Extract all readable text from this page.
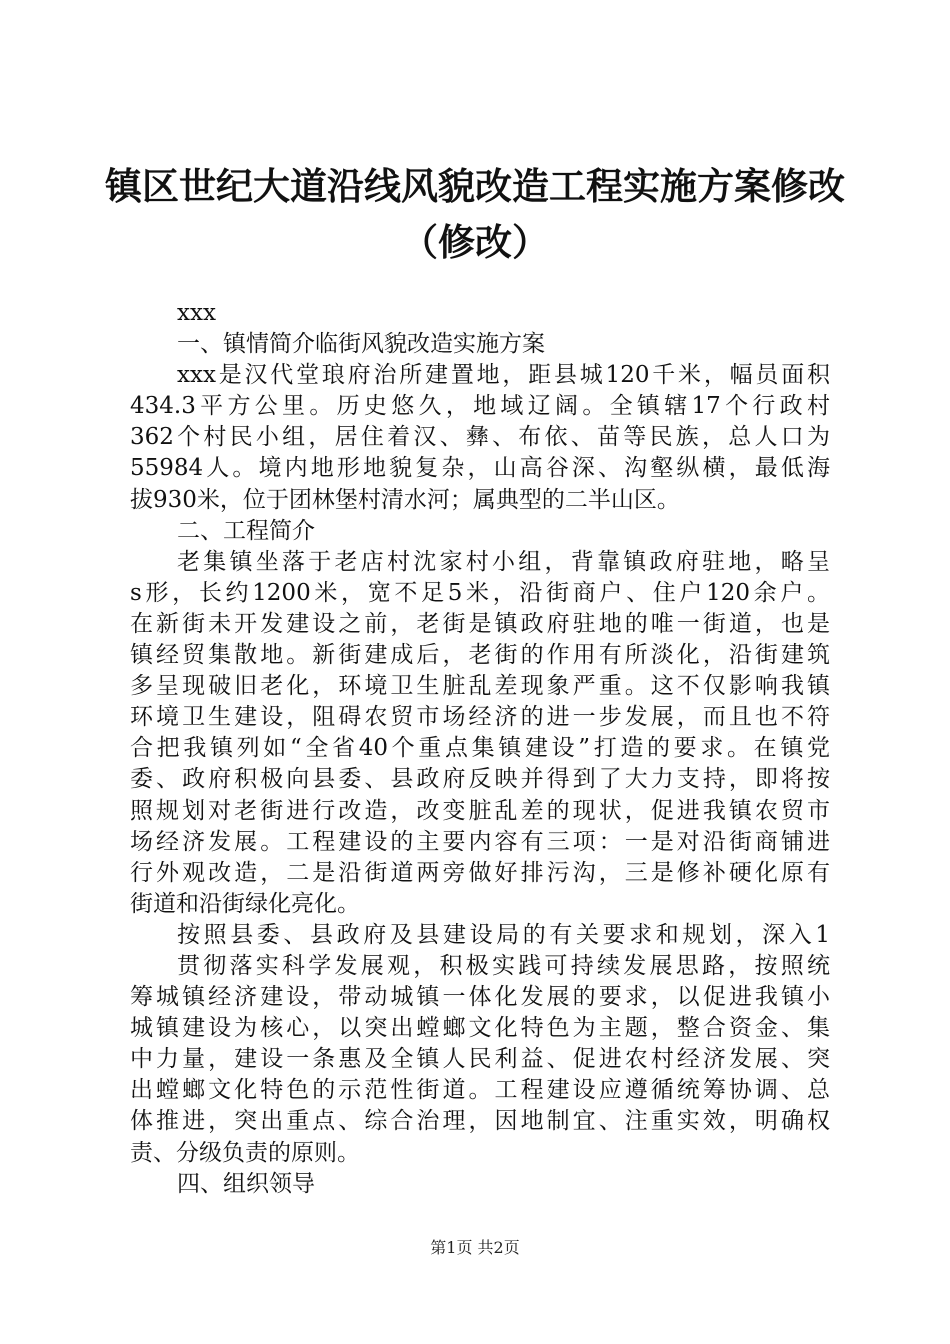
镇区世纪大道沿线风貌改造工程实施方案修改
（修改）
xxx
一、镇情简介临街风貌改造实施方案
xxx是汉代堂琅府治所建置地，距县城120千米，幅员面积
434.3平方公里。历史悠久，地域辽阔。全镇辖17个行政村
362个村民小组，居住着汉、彝、布依、苗等民族，总人口为
55984人。境内地形地貌复杂，山高谷深、沟壑纵横，最低海
拔930米，位于团林堡村清水河；属典型的二半山区。
二、工程简介
老集镇坐落于老店村沈家村小组，背靠镇政府驻地，略呈
s形，长约1200米，宽不足5米，沿街商户、住户120余户。
在新街未开发建设之前，老街是镇政府驻地的唯一街道，也是
镇经贸集散地。新街建成后，老街的作用有所淡化，沿街建筑
多呈现破旧老化，环境卫生脏乱差现象严重。这不仅影响我镇
环境卫生建设，阻碍农贸市场经济的进一步发展，而且也不符
合把我镇列如“全省40个重点集镇建设”打造的要求。在镇党
委、政府积极向县委、县政府反映并得到了大力支持，即将按
照规划对老街进行改造，改变脏乱差的现状，促进我镇农贸市
场经济发展。工程建设的主要内容有三项：一是对沿街商铺进
行外观改造，二是沿街道两旁做好排污沟，三是修补硬化原有
街道和沿街绿化亮化。
按照县委、县政府及县建设局的有关要求和规划，深入1
贯彻落实科学发展观，积极实践可持续发展思路，按照统
筹城镇经济建设，带动城镇一体化发展的要求，以促进我镇小
城镇建设为核心，以突出螳螂文化特色为主题，整合资金、集
中力量，建设一条惠及全镇人民利益、促进农村经济发展、突
出螳螂文化特色的示范性街道。工程建设应遵循统筹协调、总
体推进，突出重点、综合治理，因地制宜、注重实效，明确权
责、分级负责的原则。
四、组织领导
第1页 共2页
